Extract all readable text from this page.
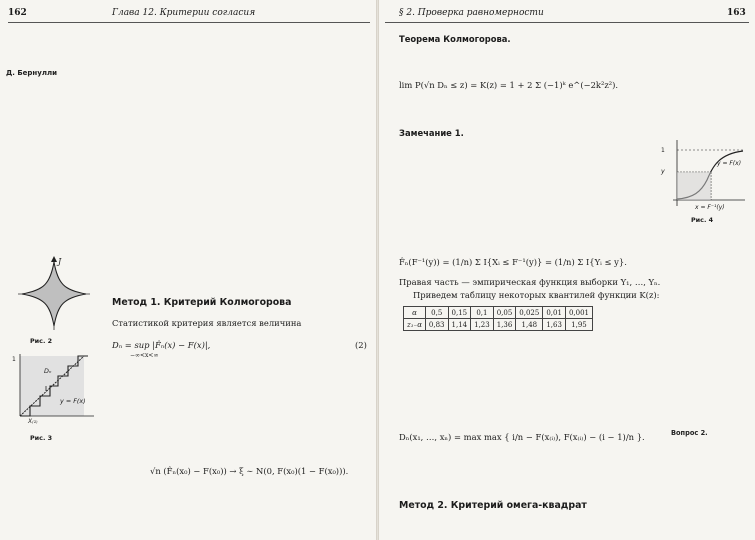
162	Глава 12. Критерии согласия
Д. Бернулли
Метод 1. Критерий Колмогорова
Статистикой критерия является величина
Dₙ = sup |F̂ₙ(x) − F(x)|,
−∞<x<∞
(2)
√n (F̂ₙ(x₀) − F(x₀)) → ξ ∼ N(0, F(x₀)(1 − F(x₀))).
J
Рис. 2
Dₙ
y = F(x)
X₍₁₎
1
Рис. 3
§ 2. Проверка равномерности	163
Теорема Колмогорова.
lim P(√n Dₙ ≤ z) = K(z) = 1 + 2 Σ (−1)ᵏ e^(−2k²z²).
Замечание 1.
F̂ₙ(F⁻¹(y)) = (1/n) Σ I{Xᵢ ≤ F⁻¹(y)} = (1/n) Σ I{Yᵢ ≤ y}.
Правая часть — эмпирическая функция выборки Y₁, …, Yₙ.
Приведем таблицу некоторых квантилей функции K(z):
α	0,5	0,15	0,1	0,05	0,025	0,01	0,001
z₁₋α	0,83	1,14	1,23	1,36	1,48	1,63	1,95
Dₙ(x₁, …, xₙ) = max max { i/n − F(x₍ᵢ₎), F(x₍ᵢ₎) − (i − 1)/n }.
Метод 2. Критерий омега-квадрат
y
1
y = F(x)
x = F⁻¹(y)
Рис. 4
Вопрос 2.
